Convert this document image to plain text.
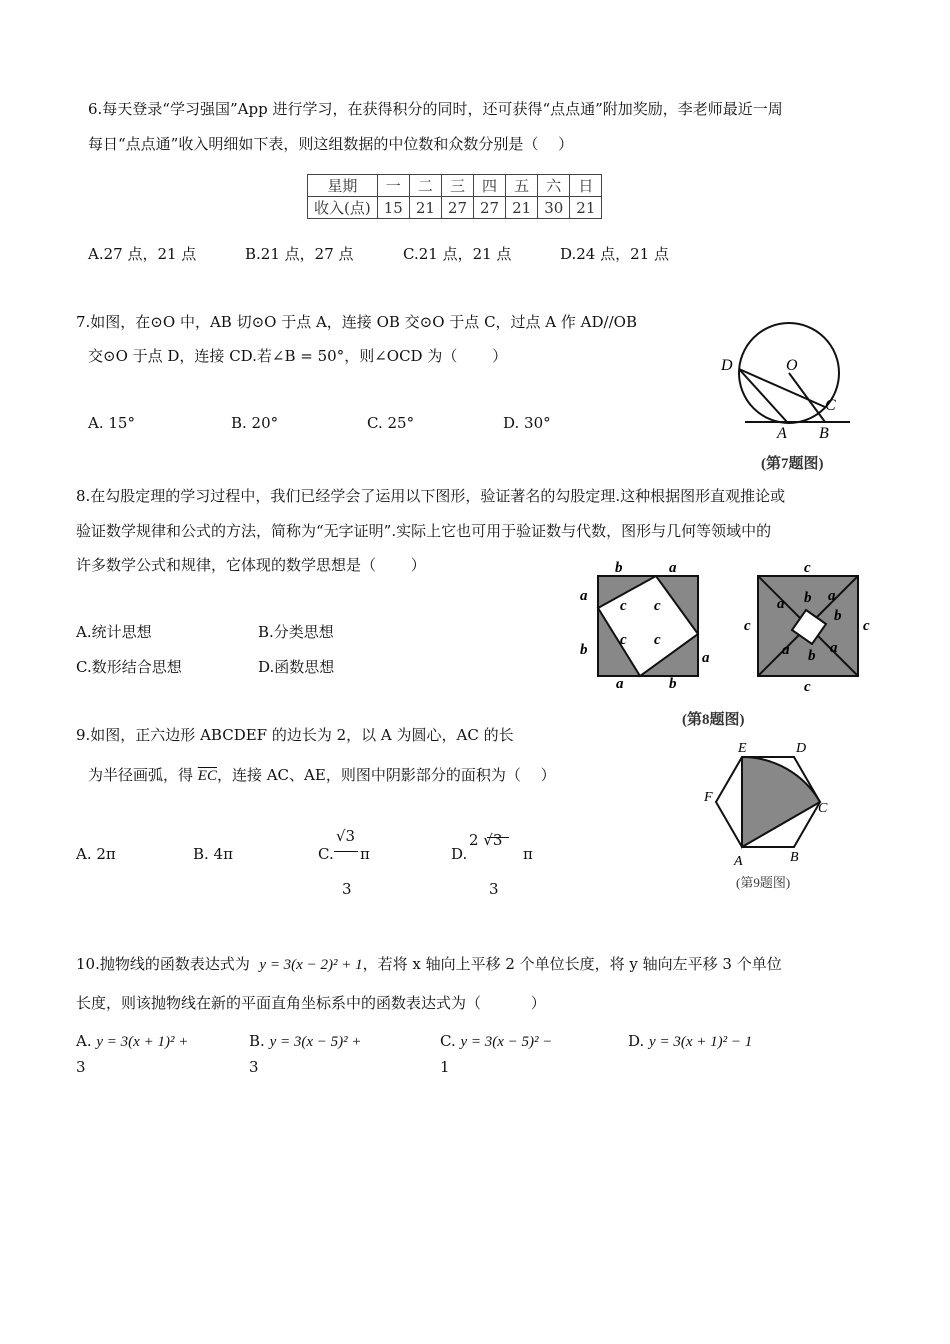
6.每天登录“学习强国”App 进行学习，在获得积分的同时，还可获得“点点通”附加奖励，李老师最近一周
每日“点点通”收入明细如下表，则这组数据的中位数和众数分别是（　 ）
星期	一	二	三	四	五	六	日
收入(点)	15	21	27	27	21	30	21
A.27 点，21 点	B.21 点，27 点	C.21 点，21 点	D.24 点，21 点
7.如图，在⊙O 中，AB 切⊙O 于点 A，连接 OB 交⊙O 于点 C，过点 A 作 AD//OB
交⊙O 于点 D，连接 CD.若∠B = 50°，则∠OCD 为（　　 ）
A. 15°	B. 20°	C. 25°	D. 30°
D	O
C
A B
(第7题图)
8.在勾股定理的学习过程中，我们已经学会了运用以下图形，验证著名的勾股定理.这种根据图形直观推论或
验证数学规律和公式的方法，简称为“无字证明”.实际上它也可用于验证数与代数，图形与几何等领域中的
许多数学公式和规律，它体现的数学思想是（　　 ）
A.统计思想	B.分类思想
C.数形结合思想	D.函数思想
b	a
a
b	a
a	b
c c
c c
c
c
c	c
a b a
b
a b a
(第8题图)
9.如图，正六边形 ABCDEF 的边长为 2，以 A 为圆心，AC 的长
为半径画弧，得 $\overline{EC}$，连接 AC、AE，则图中阴影部分的面积为（　 ）
A. 2π	B. 4π	C.
√3
π
3
D.
2 √3
π
3
A	B
C
D
E
F
(第9题图)
10.抛物线的函数表达式为 y = 3(x − 2)² + 1，若将 x 轴向上平移 2 个单位长度，将 y 轴向左平移 3 个单位
长度，则该抛物线在新的平面直角坐标系中的函数表达式为（　　　 ）
A. y = 3(x + 1)² +
3
B. y = 3(x − 5)² +
3
C. y = 3(x − 5)² −
1
D. y = 3(x + 1)² − 1
